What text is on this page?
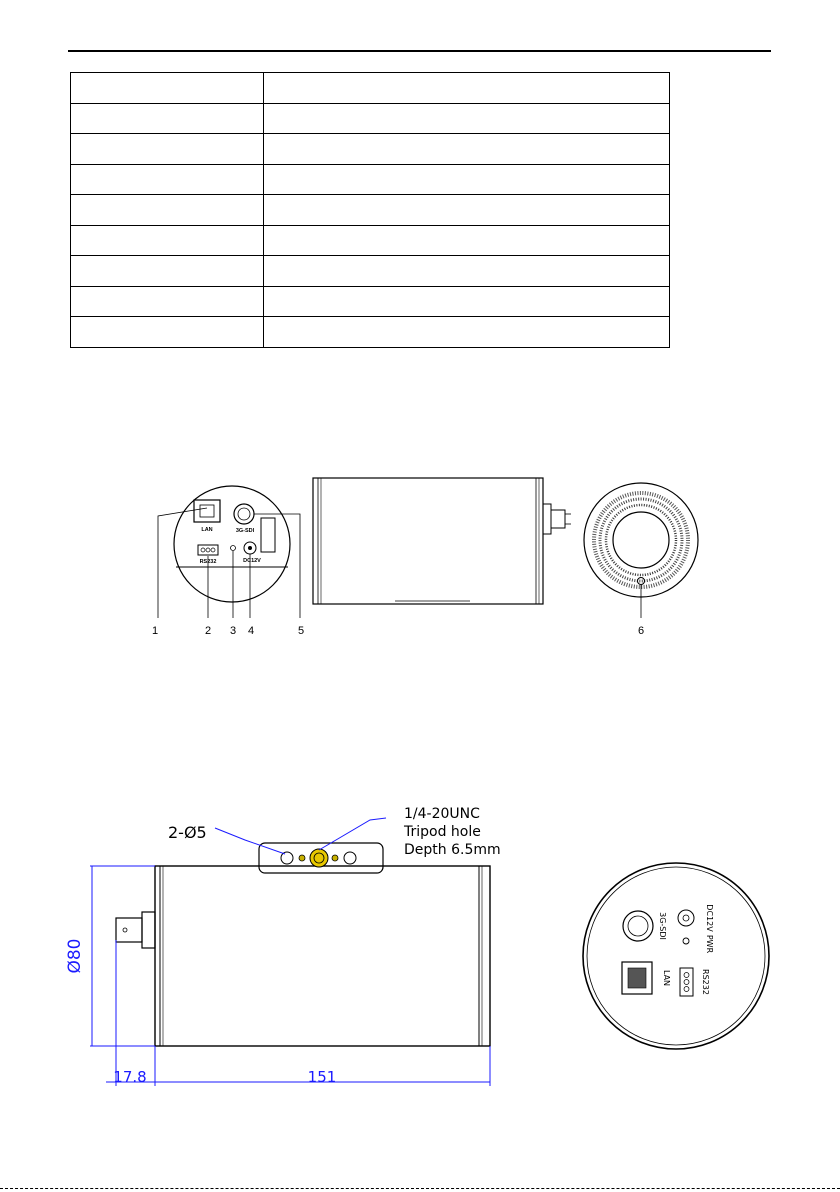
LAN	3G-SDI
RS232	DC12V
1	2 3 4	5	6
Ø80
17.8	151
2-Ø5
1/4-20UNC
Tripod hole
Depth 6.5mm
3G-SDI	DC12V
PWR
LAN	RS232
